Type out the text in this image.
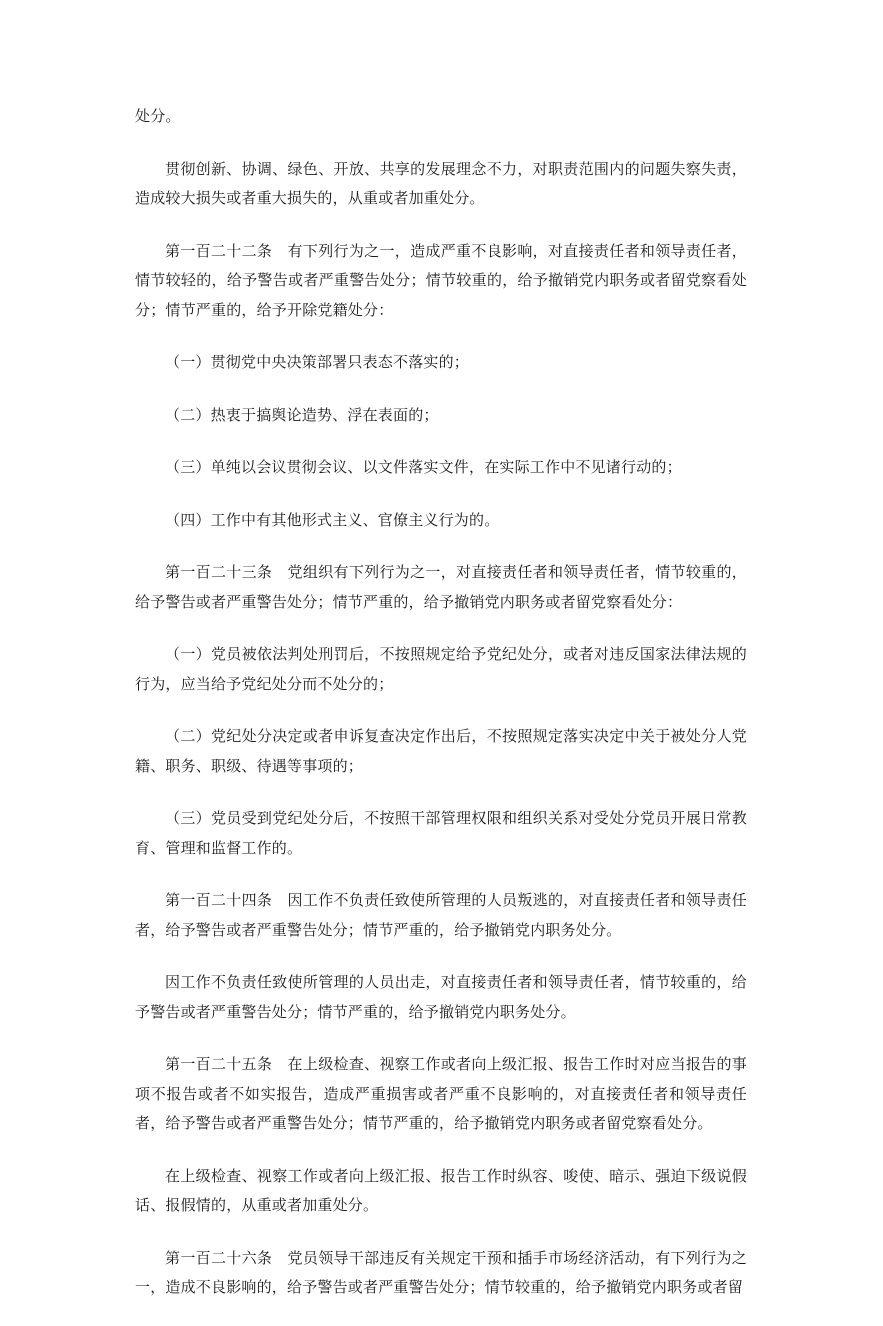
处分。

贯彻创新、协调、绿色、开放、共享的发展理念不力，对职责范围内的问题失察失责，造成较大损失或者重大损失的，从重或者加重处分。

第一百二十二条　有下列行为之一，造成严重不良影响，对直接责任者和领导责任者，情节较轻的，给予警告或者严重警告处分；情节较重的，给予撤销党内职务或者留党察看处分；情节严重的，给予开除党籍处分：

（一）贯彻党中央决策部署只表态不落实的；

（二）热衷于搞舆论造势、浮在表面的；

（三）单纯以会议贯彻会议、以文件落实文件，在实际工作中不见诸行动的；

（四）工作中有其他形式主义、官僚主义行为的。

第一百二十三条　党组织有下列行为之一，对直接责任者和领导责任者，情节较重的，给予警告或者严重警告处分；情节严重的，给予撤销党内职务或者留党察看处分：

（一）党员被依法判处刑罚后，不按照规定给予党纪处分，或者对违反国家法律法规的行为，应当给予党纪处分而不处分的；

（二）党纪处分决定或者申诉复查决定作出后，不按照规定落实决定中关于被处分人党籍、职务、职级、待遇等事项的；

（三）党员受到党纪处分后，不按照干部管理权限和组织关系对受处分党员开展日常教育、管理和监督工作的。

第一百二十四条　因工作不负责任致使所管理的人员叛逃的，对直接责任者和领导责任者，给予警告或者严重警告处分；情节严重的，给予撤销党内职务处分。

因工作不负责任致使所管理的人员出走，对直接责任者和领导责任者，情节较重的，给予警告或者严重警告处分；情节严重的，给予撤销党内职务处分。

第一百二十五条　在上级检查、视察工作或者向上级汇报、报告工作时对应当报告的事项不报告或者不如实报告，造成严重损害或者严重不良影响的，对直接责任者和领导责任者，给予警告或者严重警告处分；情节严重的，给予撤销党内职务或者留党察看处分。

在上级检查、视察工作或者向上级汇报、报告工作时纵容、唆使、暗示、强迫下级说假话、报假情的，从重或者加重处分。

第一百二十六条　党员领导干部违反有关规定干预和插手市场经济活动，有下列行为之一，造成不良影响的，给予警告或者严重警告处分；情节较重的，给予撤销党内职务或者留
